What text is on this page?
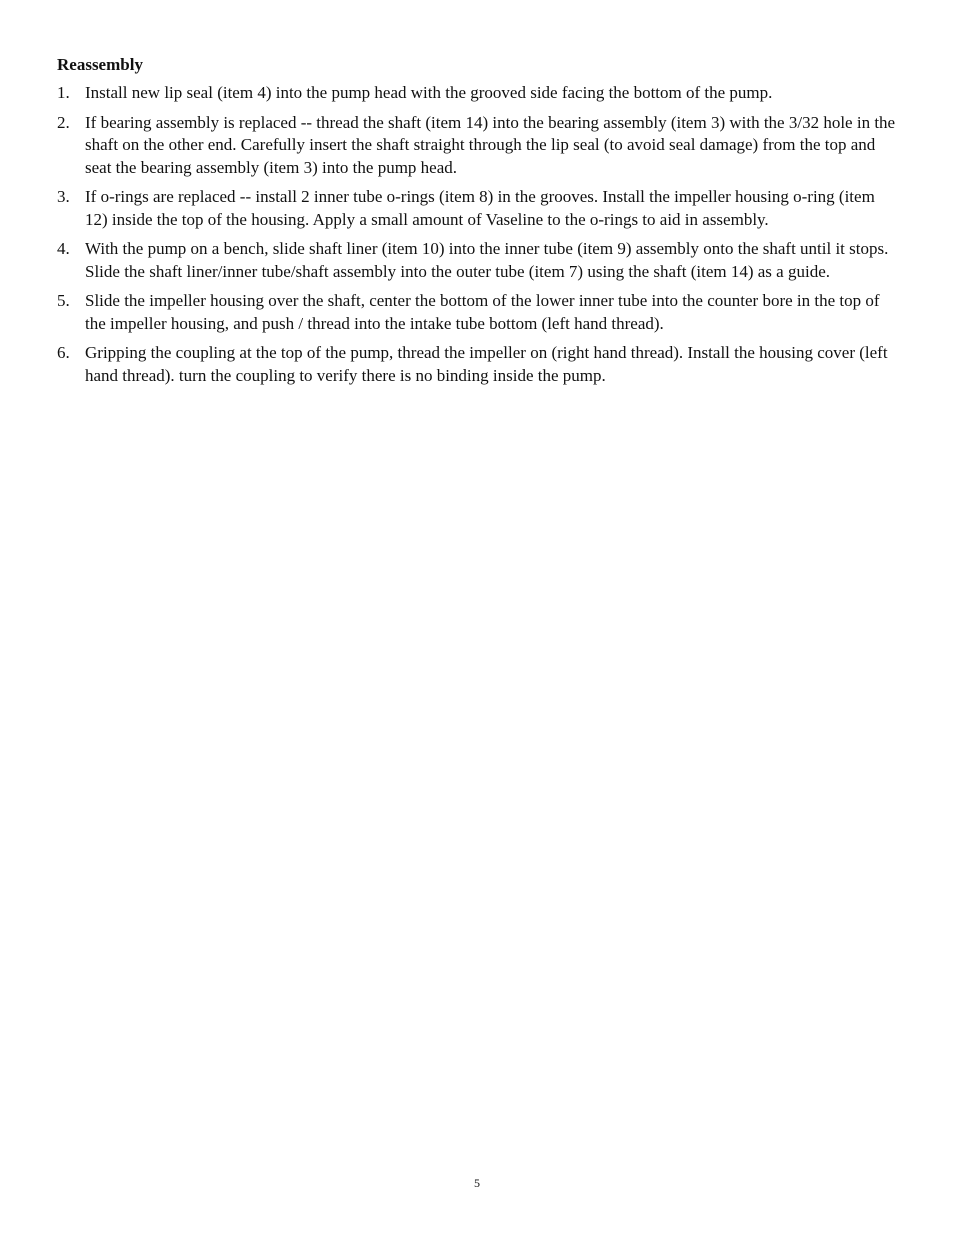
Reassembly
1. Install new lip seal (item 4) into the pump head with the grooved side facing the bottom of the pump.
2. If bearing assembly is replaced -- thread the shaft (item 14) into the bearing assembly (item 3) with the 3/32 hole in the shaft on the other end. Carefully insert the shaft straight through the lip seal (to avoid seal damage) from the top and seat the bearing assembly (item 3) into the pump head.
3. If o-rings are replaced -- install 2 inner tube o-rings (item 8) in the grooves. Install the impeller housing o-ring (item 12) inside the top of the housing. Apply a small amount of Vaseline to the o-rings to aid in assembly.
4. With the pump on a bench, slide shaft liner (item 10) into the inner tube (item 9) assembly onto the shaft until it stops. Slide the shaft liner/inner tube/shaft assembly into the outer tube (item 7) using the shaft (item 14) as a guide.
5. Slide the impeller housing over the shaft, center the bottom of the lower inner tube into the counter bore in the top of the impeller housing, and push / thread into the intake tube bottom (left hand thread).
6. Gripping the coupling at the top of the pump, thread the impeller on (right hand thread). Install the housing cover (left hand thread). turn the coupling to verify there is no binding inside the pump.
5
